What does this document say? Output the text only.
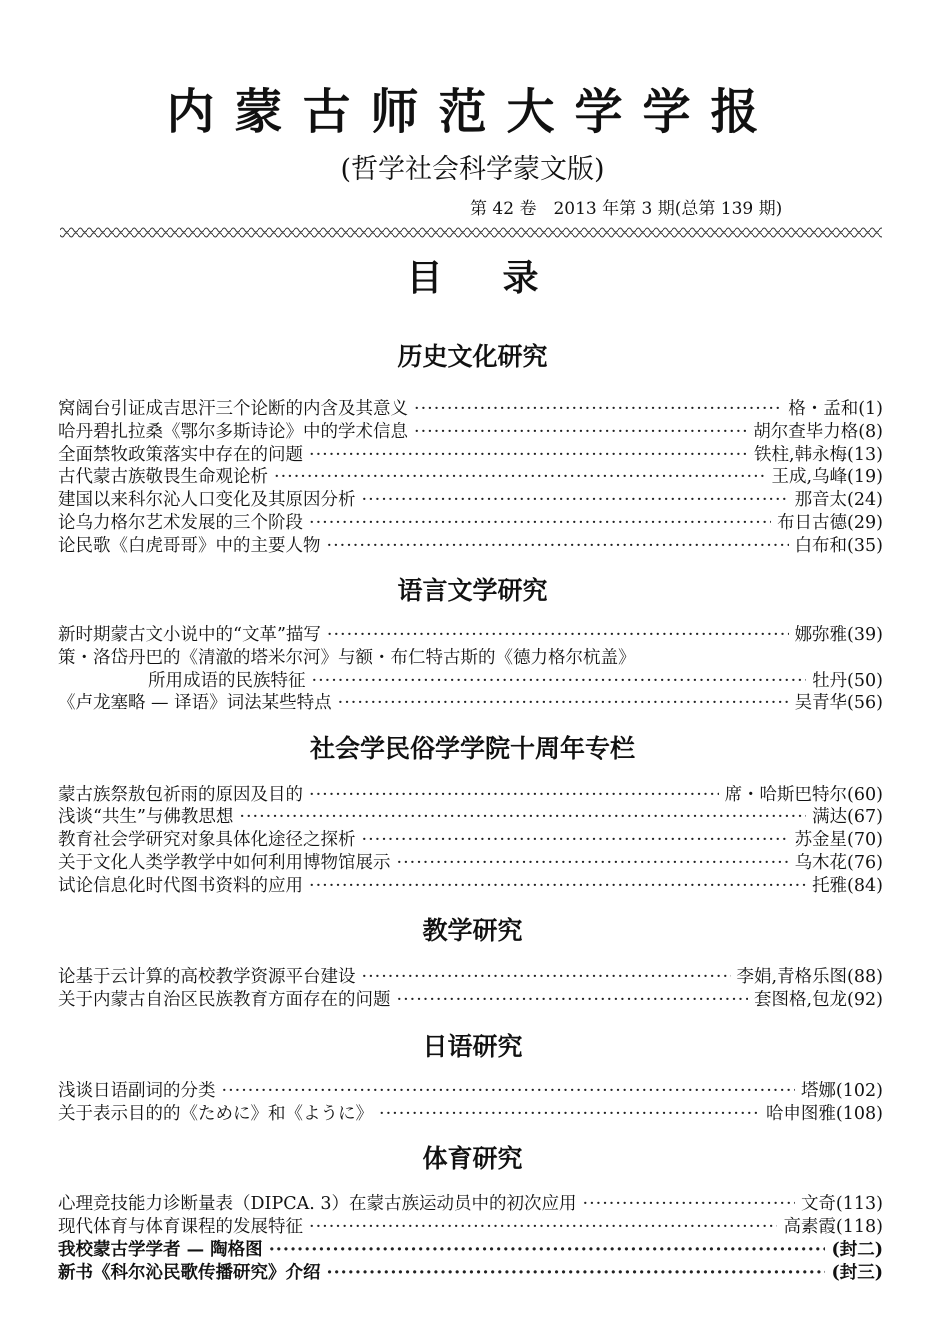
内蒙古师范大学学报
(哲学社会科学蒙文版)
第 42 卷　2013 年第 3 期(总第 139 期)
目 录
历史文化研究
窝阔台引证成吉思汗三个论断的内含及其意义 ·····	格・孟和(1)
哈丹碧扎拉桑《鄂尔多斯诗论》中的学术信息 ·····	胡尔查毕力格(8)
全面禁牧政策落实中存在的问题 ·····	铁柱,韩永梅(13)
古代蒙古族敬畏生命观论析 ·····	王成,乌峰(19)
建国以来科尔沁人口变化及其原因分析 ·····	那音太(24)
论乌力格尔艺术发展的三个阶段 ·····	布日古德(29)
论民歌《白虎哥哥》中的主要人物 ·····	白布和(35)
语言文学研究
新时期蒙古文小说中的“文革”描写 ·····	娜弥雅(39)
策・洛岱丹巴的《清澈的塔米尔河》与额・布仁特古斯的《德力格尔杭盖》
所用成语的民族特征 ·····	牡丹(50)
《卢龙塞略 — 译语》词法某些特点 ·····	吴青华(56)
社会学民俗学学院十周年专栏
蒙古族祭敖包祈雨的原因及目的 ·····	席・哈斯巴特尔(60)
浅谈“共生”与佛教思想 ·····	满达(67)
教育社会学研究对象具体化途径之探析 ·····	苏金星(70)
关于文化人类学教学中如何利用博物馆展示 ·····	乌木花(76)
试论信息化时代图书资料的应用 ·····	托雅(84)
教学研究
论基于云计算的高校教学资源平台建设 ·····	李娟,青格乐图(88)
关于内蒙古自治区民族教育方面存在的问题 ·····	套图格,包龙(92)
日语研究
浅谈日语副词的分类 ·····	塔娜(102)
关于表示目的的《ために》和《ように》 ·····	哈申图雅(108)
体育研究
心理竞技能力诊断量表（DIPCA. 3）在蒙古族运动员中的初次应用 ·····	文奇(113)
现代体育与体育课程的发展特征 ·····	高素霞(118)
我校蒙古学学者 — 陶格图 ·····	(封二)
新书《科尔沁民歌传播研究》介绍 ·····	(封三)
